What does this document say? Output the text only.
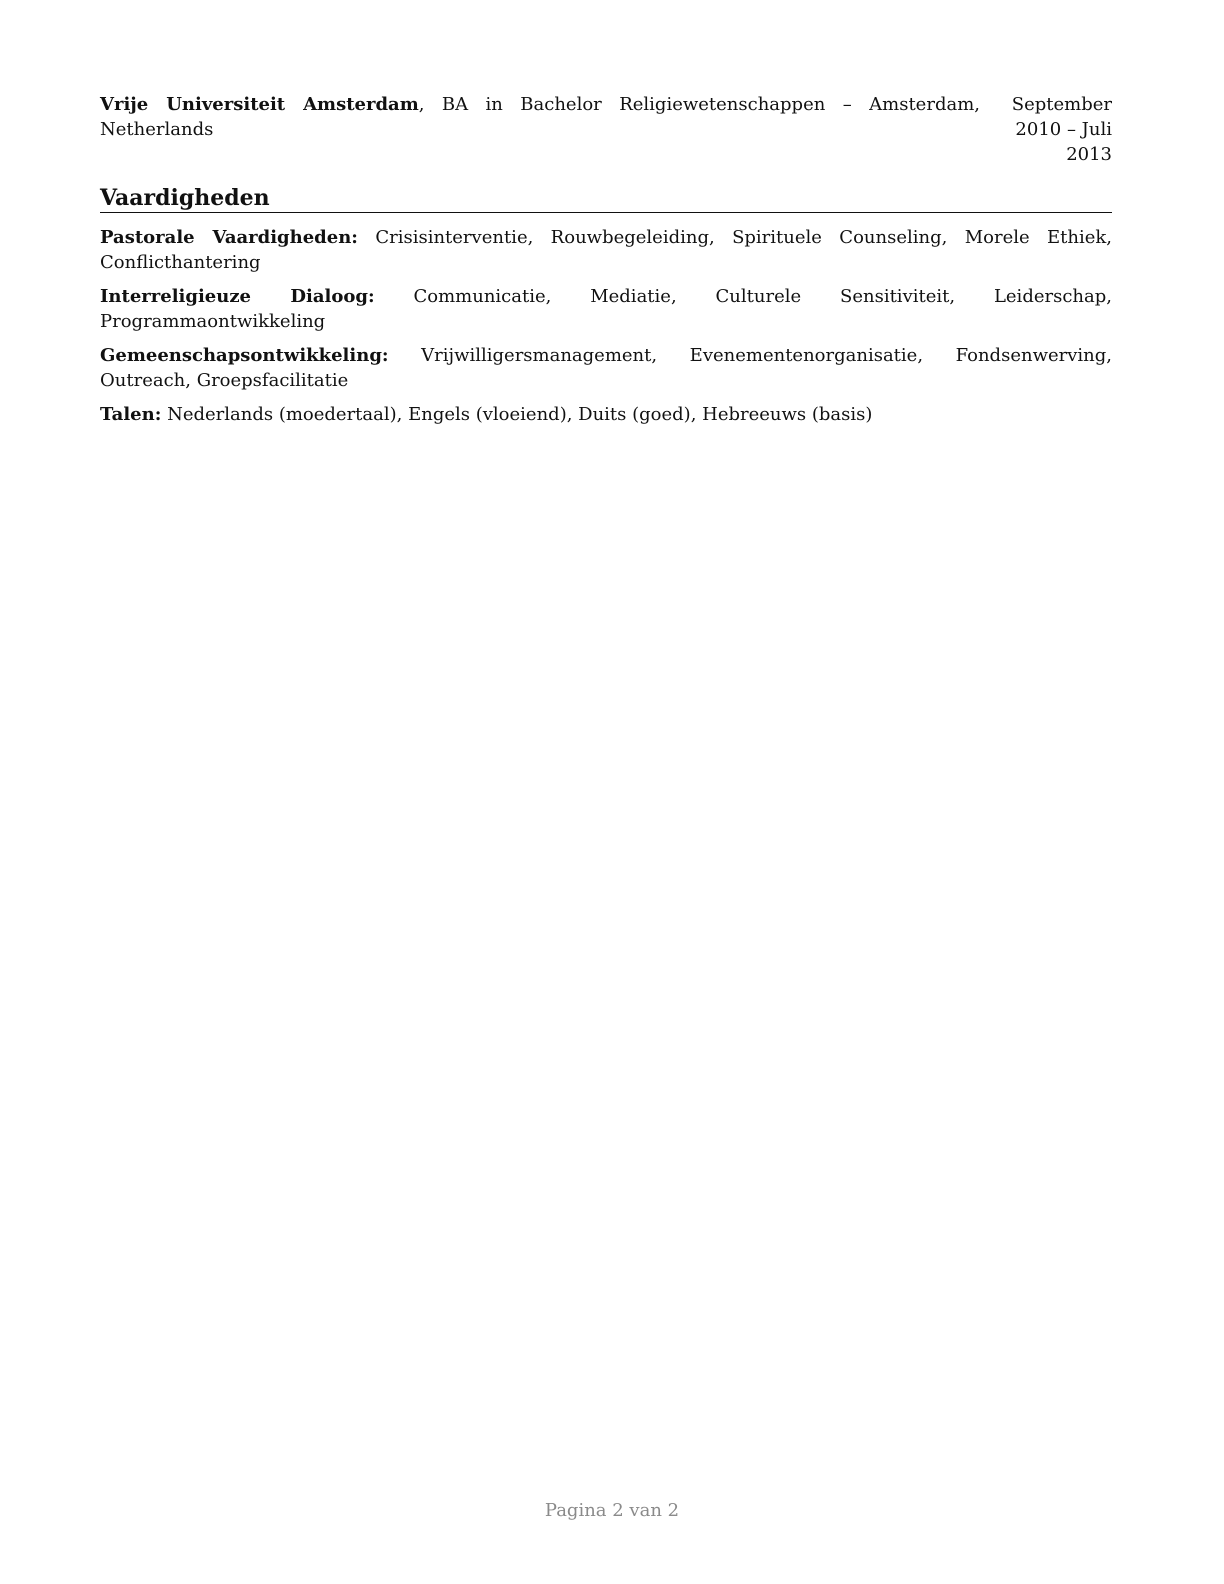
Vrije Universiteit Amsterdam, BA in Bachelor Religiewetenschappen – Amsterdam, Netherlands
September 2010 – Juli
2013
Vaardigheden
Pastorale Vaardigheden: Crisisinterventie, Rouwbegeleiding, Spirituele Counseling, Morele Ethiek, Conflicthantering
Interreligieuze Dialoog: Communicatie, Mediatie, Culturele Sensitiviteit, Leiderschap, Programmaontwikkeling
Gemeenschapsontwikkeling: Vrijwilligersmanagement, Evenementenorganisatie, Fondsenwerving, Outreach, Groepsfacilitatie
Talen: Nederlands (moedertaal), Engels (vloeiend), Duits (goed), Hebreeuws (basis)
Pagina 2 van 2
